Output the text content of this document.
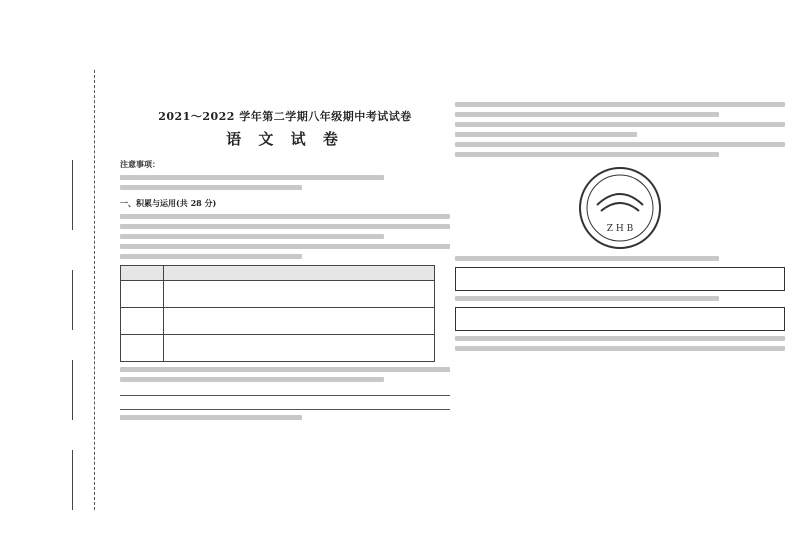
2021～2022 学年第二学期八年级期中考试试卷
语 文 试 卷
注意事项：
一、积累与运用(共 28 分)

Z H B
